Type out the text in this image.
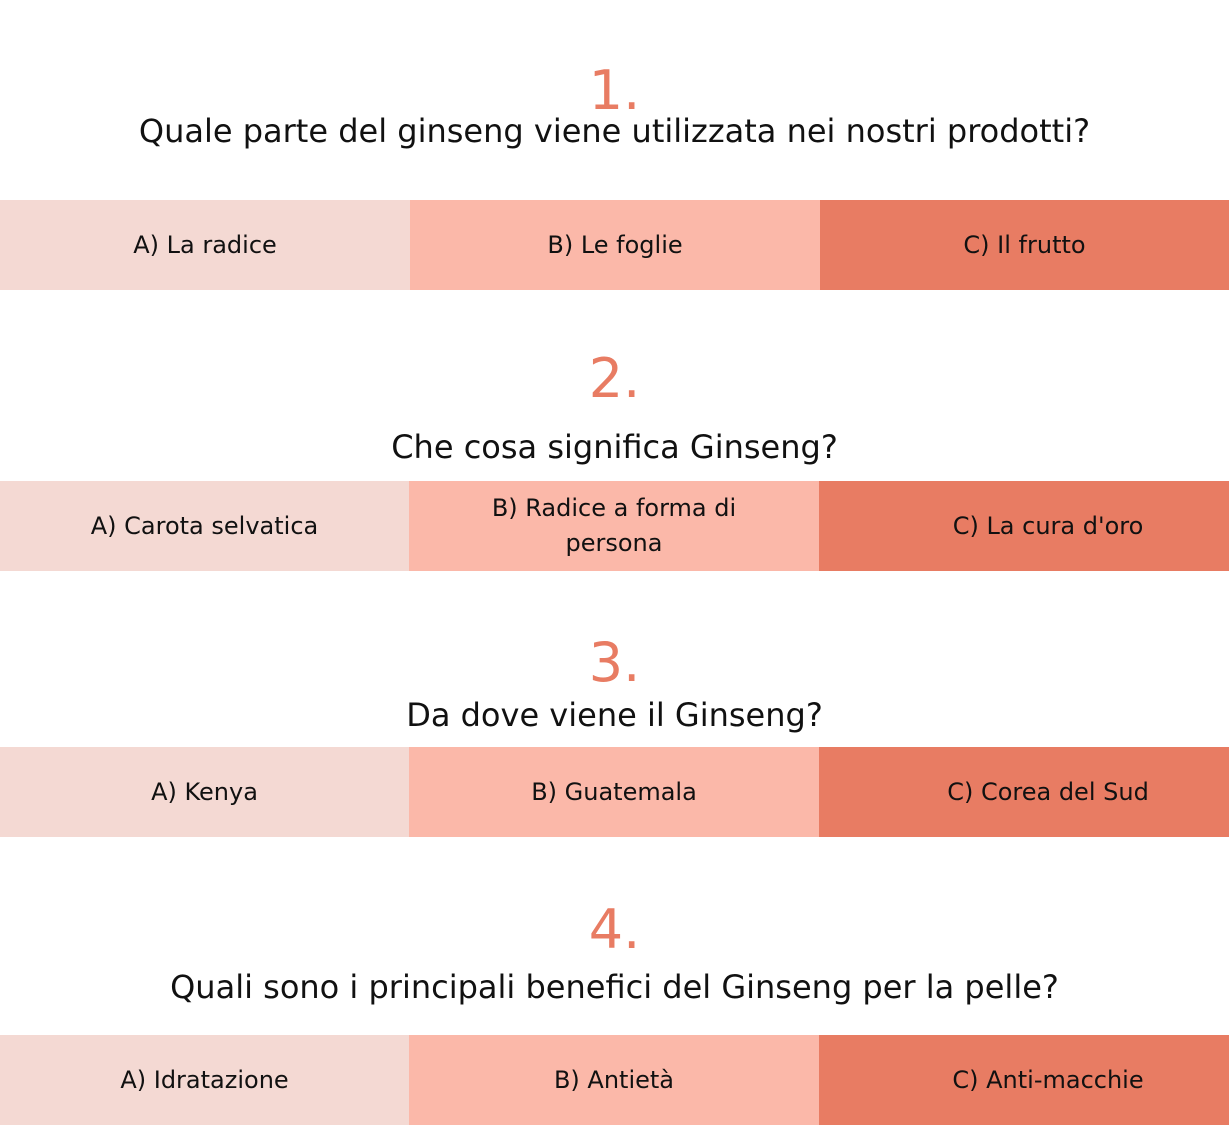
1.
Quale parte del ginseng viene utilizzata nei nostri prodotti?
A) La radice	B) Le foglie	C) Il frutto
2.
Che cosa significa Ginseng?
A) Carota selvatica
B) Radice a forma di persona
C) La cura d'oro
3.
Da dove viene il Ginseng?
A) Kenya	B) Guatemala	C) Corea del Sud
4.
Quali sono i principali benefici del Ginseng per la pelle?
A) Idratazione	B) Antietà	C) Anti-macchie
